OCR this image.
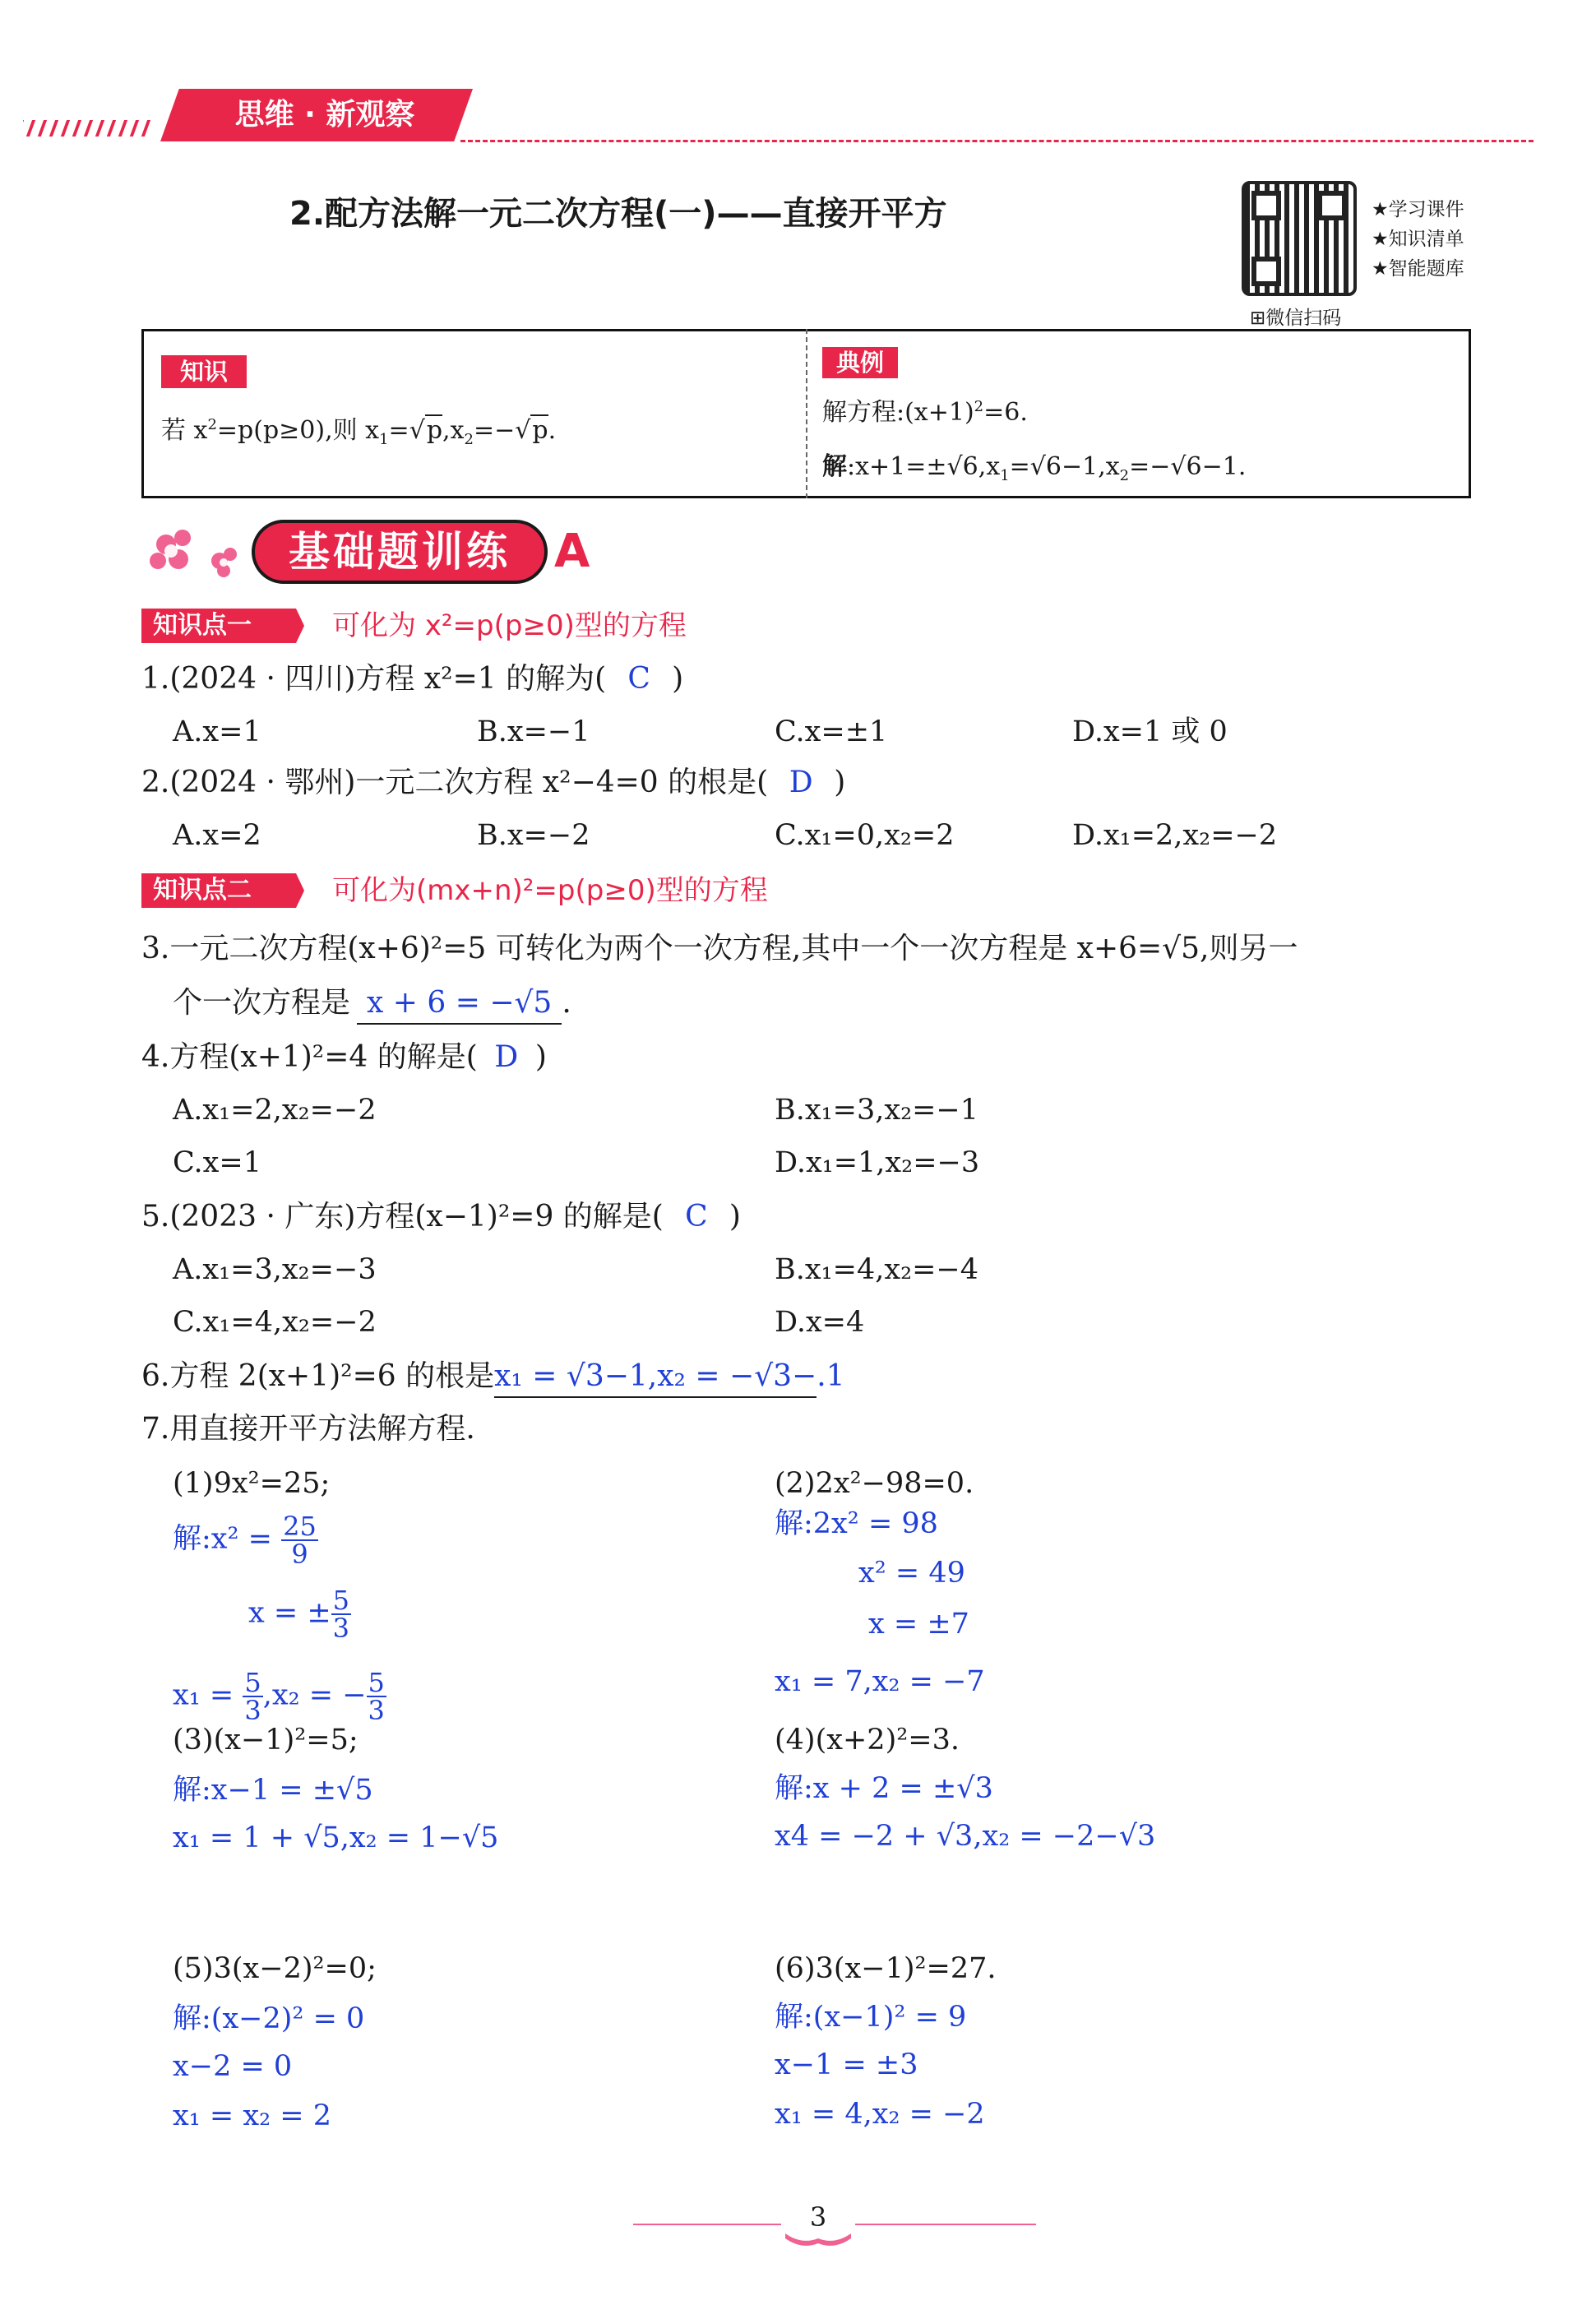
思维 · 新观察
2.配方法解一元二次方程(一)——直接开平方	★学习课件
★知识清单
★智能题库
⊞微信扫码
知识	典例
若 $x^2=p(p\ge 0)$,则 $x_1=√p,x_2=-√p$.
解方程$:(x+1)^2=6$.
解$:x+1=\pm√6,x_1=√6-1,x_2=-√6-1$.
基础题训练 A
知识点一	可化为 x²=p(p≥0)型的方程
1.(2024 · 四川)方程 x²=1 的解为( C )
A.x=1	B.x=−1	C.x=±1	D.x=1 或 0
2.(2024 · 鄂州)一元二次方程 x²−4=0 的根是( D )
A.x=2	B.x=−2	C.x₁=0,x₂=2	D.x₁=2,x₂=−2
知识点二	可化为(mx+n)²=p(p≥0)型的方程
3.一元二次方程(x+6)²=5 可转化为两个一次方程,其中一个一次方程是 x+6=√5,则另一
个一次方程是 x + 6 = −√5 .
4.方程(x+1)²=4 的解是( D )
A.x₁=2,x₂=−2	B.x₁=3,x₂=−1
C.x=1	D.x₁=1,x₂=−3
5.(2023 · 广东)方程(x−1)²=9 的解是( C )
A.x₁=3,x₂=−3	B.x₁=4,x₂=−4
C.x₁=4,x₂=−2	D.x=4
6.方程 2(x+1)²=6 的根是x₁ = √3−1,x₂ = −√3−.1
7.用直接开平方法解方程.
(1)9x²=25;
解:x² = $\frac{25}{9}$
x = ± $\frac{5}{3}$
$x_1 = \frac{5}{3} ,x_2$ = − $\frac{5}{3}$
(2)2x²−98=0.
解:2x² = 98
x² = 49
x = ±7
x₁ = 7,x₂ = −7
(3)(x−1)²=5;
解:x−1 = ±√5
x₁ = 1 + √5,x₂ = 1−√5
(4)(x+2)²=3.
解:x + 2 = ±√3
x4 = −2 + √3,x₂ = −2−√3
(5)3(x−2)²=0;
解:(x−2)² = 0
x−2 = 0
x₁ = x₂ = 2
(6)3(x−1)²=27.
解:(x−1)² = 9
x−1 = ±3
x₁ = 4,x₂ = −2
3
